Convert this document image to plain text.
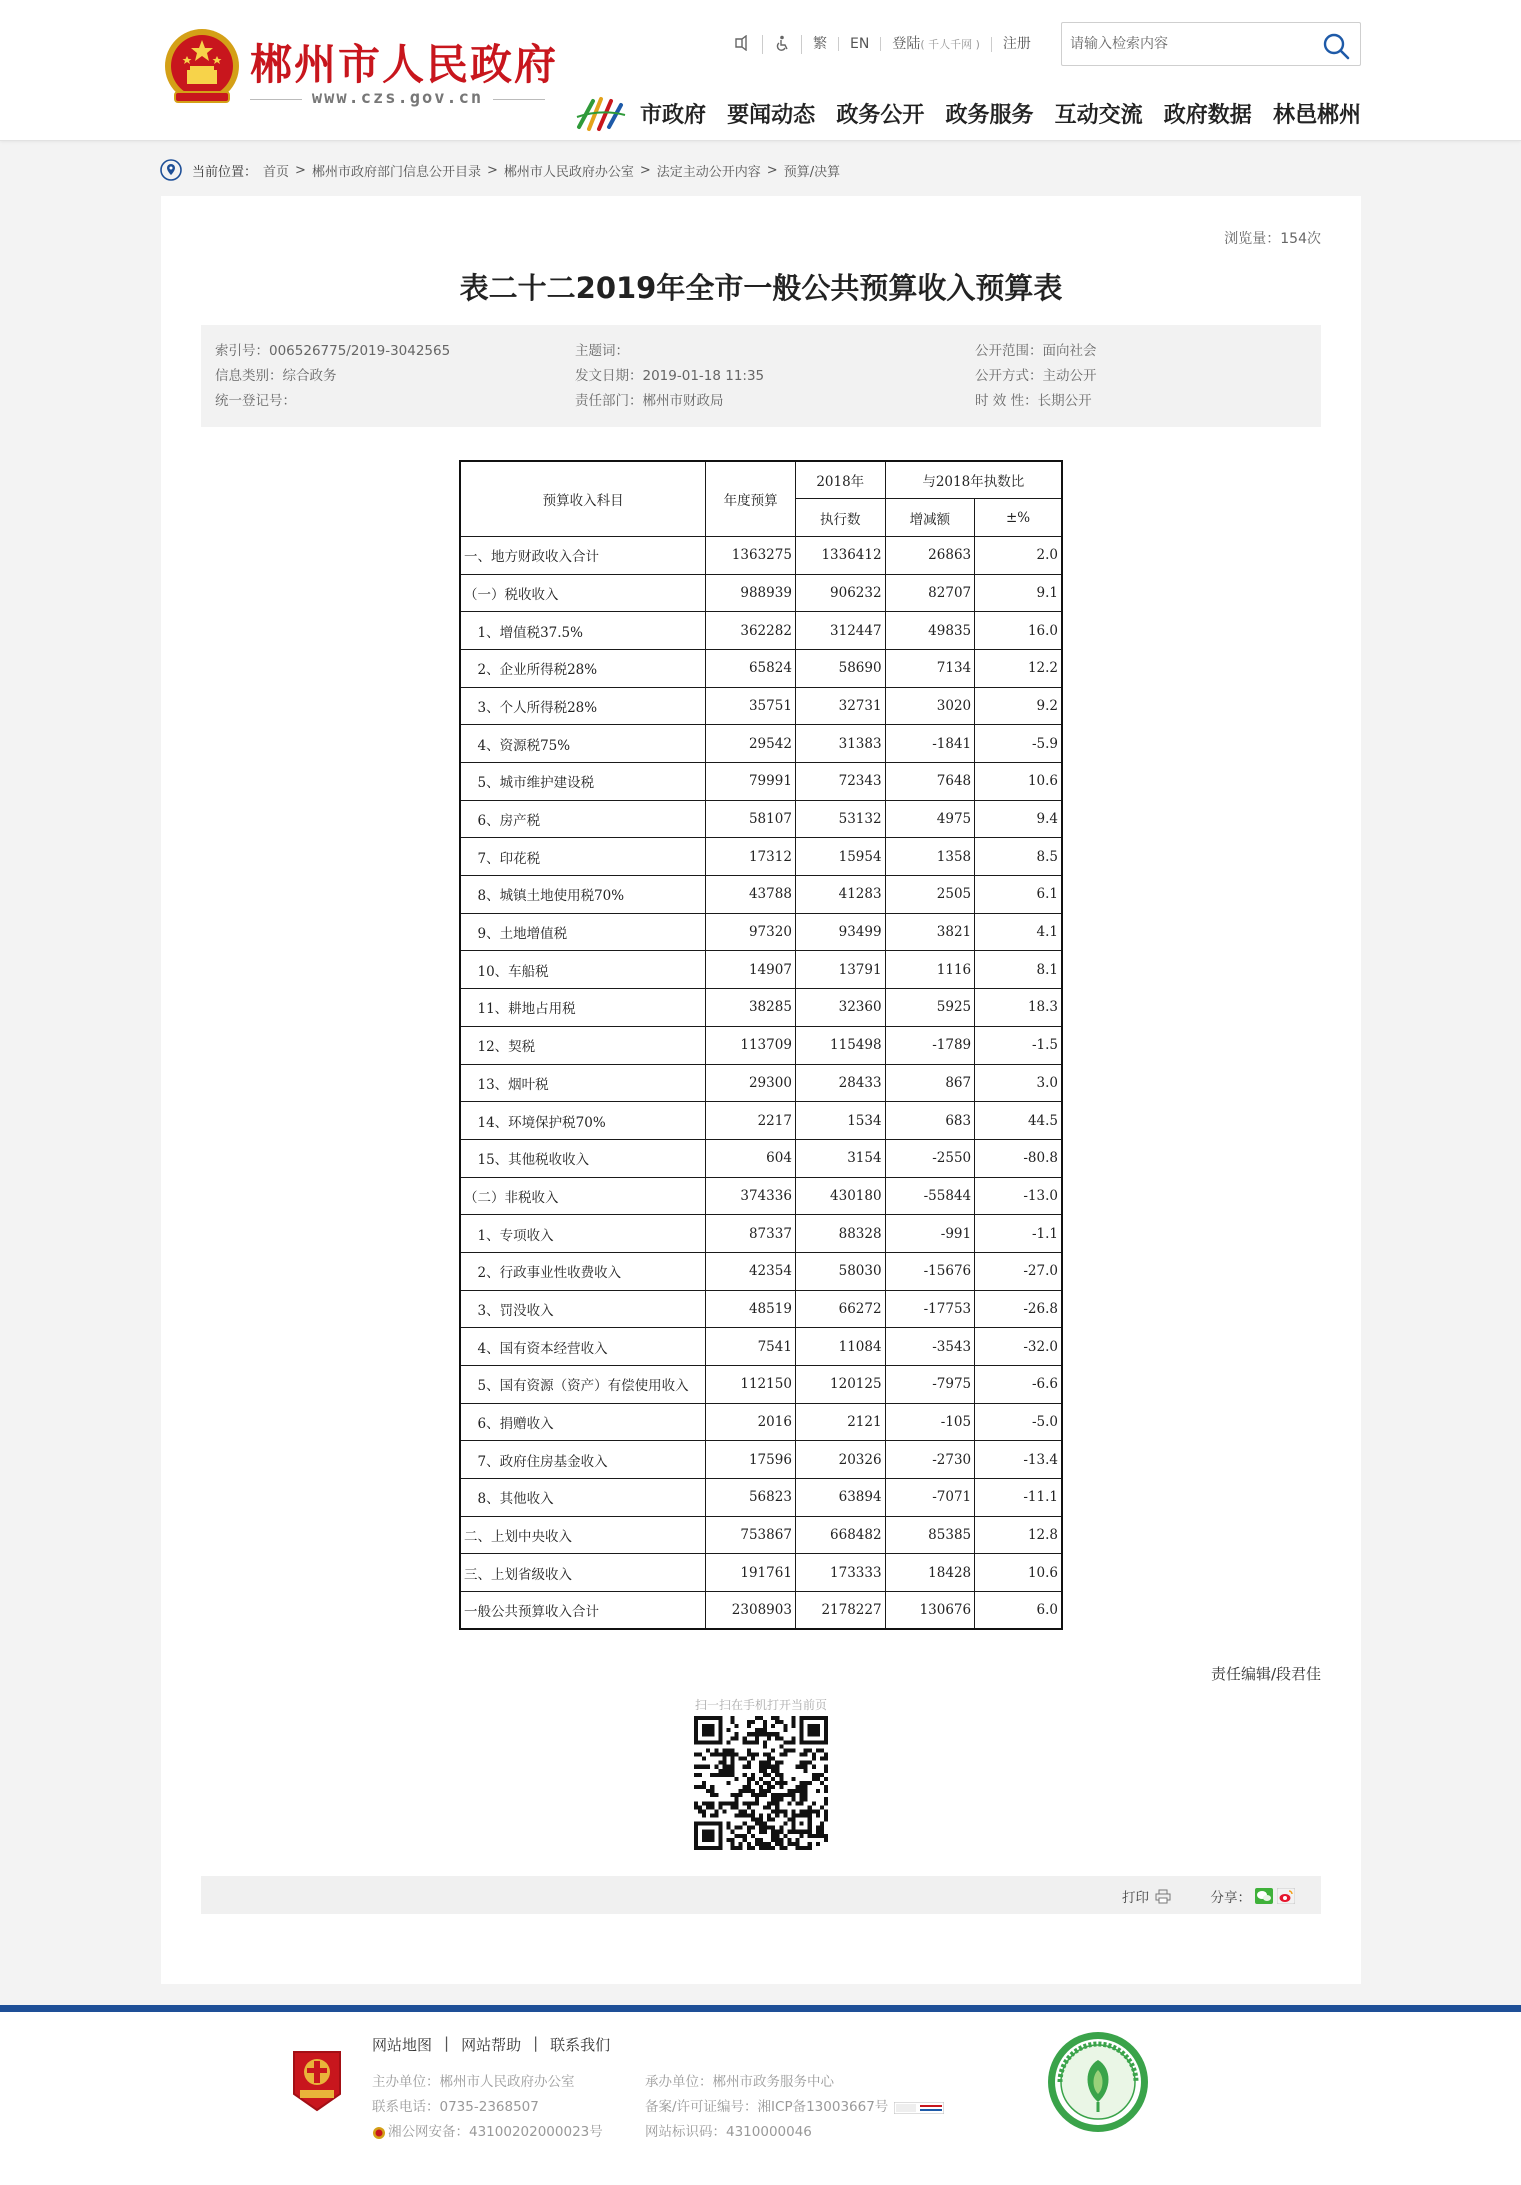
郴州市人民政府
www.czs.gov.cn
繁	EN	登陆( 千人千网 )	注册
请输入检索内容
市政府 要闻动态 政务公开 政务服务 互动交流 政府数据 林邑郴州
当前位置： 首页 > 郴州市政府部门信息公开目录 > 郴州市人民政府办公室 > 法定主动公开内容 > 预算/决算
浏览量：154次
表二十二2019年全市一般公共预算收入预算表
索引号：006526775/2019-3042565
信息类别：综合政务
统一登记号：
主题词：
发文日期：2019-01-18 11:35
责任部门：郴州市财政局
公开范围：面向社会
公开方式：主动公开
时 效 性：长期公开
预算收入科目	年度预算	2018年	与2018年执数比	
		执行数	增减额	±%
一、地方财政收入合计	1363275	1336412	26863	2.0
（一）税收收入	988939	906232	82707	9.1
　1、增值税37.5%	362282	312447	49835	16.0
　2、企业所得税28%	65824	58690	7134	12.2
　3、个人所得税28%	35751	32731	3020	9.2
　4、资源税75%	29542	31383	-1841	-5.9
　5、城市维护建设税	79991	72343	7648	10.6
　6、房产税	58107	53132	4975	9.4
　7、印花税	17312	15954	1358	8.5
　8、城镇土地使用税70%	43788	41283	2505	6.1
　9、土地增值税	97320	93499	3821	4.1
　10、车船税	14907	13791	1116	8.1
　11、耕地占用税	38285	32360	5925	18.3
　12、契税	113709	115498	-1789	-1.5
　13、烟叶税	29300	28433	867	3.0
　14、环境保护税70%	2217	1534	683	44.5
　15、其他税收收入	604	3154	-2550	-80.8
（二）非税收入	374336	430180	-55844	-13.0
　1、专项收入	87337	88328	-991	-1.1
　2、行政事业性收费收入	42354	58030	-15676	-27.0
　3、罚没收入	48519	66272	-17753	-26.8
　4、国有资本经营收入	7541	11084	-3543	-32.0
　5、国有资源（资产）有偿使用收入	112150	120125	-7975	-6.6
　6、捐赠收入	2016	2121	-105	-5.0
　7、政府住房基金收入	17596	20326	-2730	-13.4
　8、其他收入	56823	63894	-7071	-11.1
二、上划中央收入	753867	668482	85385	12.8
三、上划省级收入	191761	173333	18428	10.6
一般公共预算收入合计	2308903	2178227	130676	6.0
责任编辑/段君佳
扫一扫在手机打开当前页
打印	分享：
网站地图 | 网站帮助 | 联系我们
主办单位：郴州市人民政府办公室
联系电话：0735-2368507
湘公网安备：43100202000023号
承办单位：郴州市政务服务中心
备案/许可证编号：湘ICP备13003667号
网站标识码：4310000046
